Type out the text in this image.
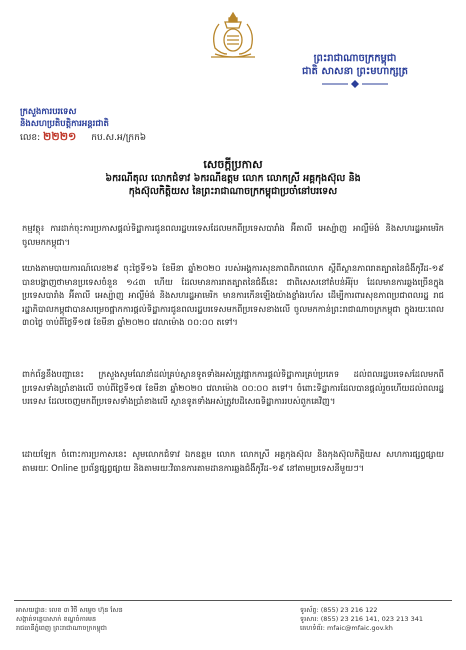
ព្រះរាជាណាចក្រកម្ពុជា
ជាតិ សាសនា ព្រះមហាក្សត្រ
ក្រសួងការបរទេស
និងសហប្រតិបត្តិការអន្តរជាតិ
លេខ: ២២២១ កប.ស.អ/ក្រក៦
សេចក្តីប្រកាស
៦ករណីតុល លោកជំទាវ ៦ករណីឧត្តម លោក លោកស្រី អគ្គកុងស៊ុល និង
កុងស៊ុលកិត្តិយស នៃព្រះរាជាណាចក្រកម្ពុជាប្រចាំនៅបរទេស

កម្មវត្ថុ៖ ការដាក់ចុះការប្រកាសផ្តល់ទិដ្ឋាការជូនពលរដ្ឋបរទេសដែលមកពីប្រទេសបារាំង អ៊ីតាលី អេស្ប៉ាញ អាល្លឺម៉ង់ និងសហរដ្ឋអាមេរិក ចូលមកកម្ពុជា។

យោងតាមបាយការណ៍លេខ២៩ ចុះថ្ងៃទី១៦ ខែមីនា ឆ្នាំ២០២០ របស់អង្គការសុខភាពពិភពលោក ស្តីពីស្ថានភាពរាតត្បាតនៃជំងឺកូវីដ-១៩ បានបង្ហាញថាមានប្រទេសចំនួន ១៤៣ ហើយ ដែលមានការរាតត្បាតនៃជំងឺនេះ ជាពិសេសនៅតំបន់អឺរ៉ុប ដែលមានការឆ្លងច្រើនក្នុងប្រទេសបារាំង អ៊ីតាលី អេស្ប៉ាញ អាល្លឺម៉ង់ និងសហរដ្ឋអាមេរិក មានការកើនឡើងយ៉ាងខ្លាំងរហ័ស ដើម្បីការពារសុខភាពប្រជាពលរដ្ឋ រាជរដ្ឋាភិបាលកម្ពុជាបានសម្រេចផ្អាកការផ្តល់ទិដ្ឋាការជូនពលរដ្ឋបរទេសមកពីប្រទេសខាងលើ ចូលមកកាន់ព្រះរាជាណាចក្រកម្ពុជា ក្នុងរយៈពេល ៣០ថ្ងៃ ចាប់ពីថ្ងៃទី១៧ ខែមីនា ឆ្នាំ២០២០ វេលាម៉ោង ០០:០០ តទៅ។

ពាក់ព័ន្ធនឹងបញ្ហានេះ ក្រសួងសូមណែនាំដល់គ្រប់ស្ថានទូតទាំងអស់ត្រូវផ្អាកការផ្តល់ទិដ្ឋាការគ្រប់ប្រភេទ ដល់ពលរដ្ឋបរទេសដែលមកពីប្រទេសទាំងប្រាំខាងលើ ចាប់ពីថ្ងៃទី១៧ ខែមីនា ឆ្នាំ២០២០ វេលាម៉ោង ០០:០០ តទៅ។ ចំពោះទិដ្ឋាការដែលបានផ្តល់រួចហើយដល់ពលរដ្ឋបរទេស ដែលចេញមកពីប្រទេសទាំងប្រាំខាងលើ ស្ថានទូតទាំងអស់ត្រូវបដិសេធទិដ្ឋាការរបស់ពួកគេវិញ។

ដោយឡែក ចំពោះការប្រកាសនេះ សូមលោកជំទាវ ឯកឧត្តម លោក លោកស្រី អគ្គកុងស៊ុល និងកុងស៊ុលកិត្តិយស សហការផ្សព្វផ្សាយតាមរយៈ Online ប្រព័ន្ធផ្សព្វផ្សាយ និងតាមរយៈវិធានការតាមដានការឆ្លងជំងឺកូវីដ-១៩ នៅតាមប្រទេសនីមួយៗ។

អាសយដ្ឋាន: លេខ ៣ វិថី សម្តេច ហ៊ុន សែន
សង្កាត់ទន្លេបាសាក់ ខណ្ឌចំការមន
រាជធានីភ្នំពេញ ព្រះរាជាណាចក្រកម្ពុជា
ទូរស័ព្ទ: (855) 23 216 122
ទូរសារ: (855) 23 216 141, 023 213 341
គេហទំព័រ: mfaic@mfaic.gov.kh
